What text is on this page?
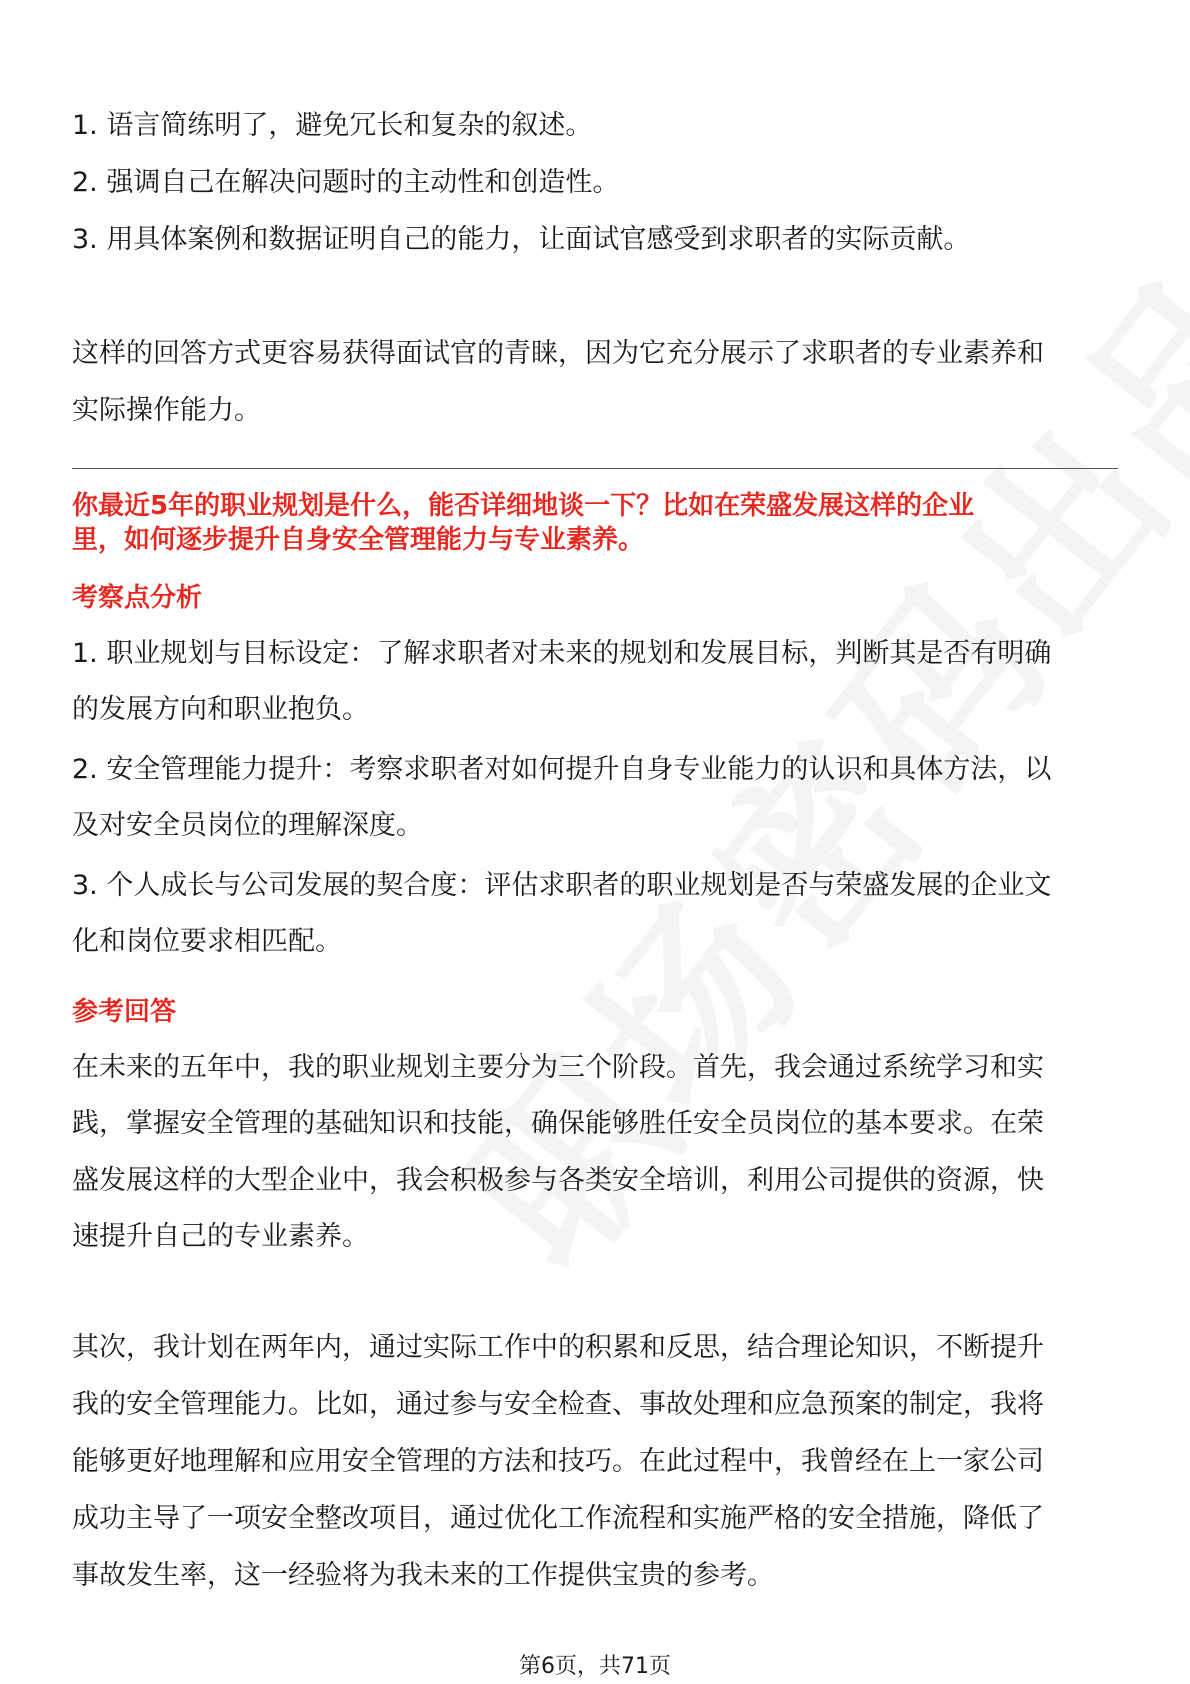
1. 语言简练明了，避免冗长和复杂的叙述。

2. 强调自己在解决问题时的主动性和创造性。

3. 用具体案例和数据证明自己的能力，让面试官感受到求职者的实际贡献。

这样的回答方式更容易获得面试官的青睐，因为它充分展示了求职者的专业素养和

实际操作能力。

你最近5年的职业规划是什么，能否详细地谈一下？比如在荣盛发展这样的企业

里，如何逐步提升自身安全管理能力与专业素养。

考察点分析

1. 职业规划与目标设定：了解求职者对未来的规划和发展目标，判断其是否有明确

的发展方向和职业抱负。

2. 安全管理能力提升：考察求职者对如何提升自身专业能力的认识和具体方法，以

及对安全员岗位的理解深度。

3. 个人成长与公司发展的契合度：评估求职者的职业规划是否与荣盛发展的企业文

化和岗位要求相匹配。

参考回答

在未来的五年中，我的职业规划主要分为三个阶段。首先，我会通过系统学习和实

践，掌握安全管理的基础知识和技能，确保能够胜任安全员岗位的基本要求。在荣

盛发展这样的大型企业中，我会积极参与各类安全培训，利用公司提供的资源，快

速提升自己的专业素养。

其次，我计划在两年内，通过实际工作中的积累和反思，结合理论知识，不断提升

我的安全管理能力。比如，通过参与安全检查、事故处理和应急预案的制定，我将

能够更好地理解和应用安全管理的方法和技巧。在此过程中，我曾经在上一家公司

成功主导了一项安全整改项目，通过优化工作流程和实施严格的安全措施，降低了

事故发生率，这一经验将为我未来的工作提供宝贵的参考。

第6页，共71页
